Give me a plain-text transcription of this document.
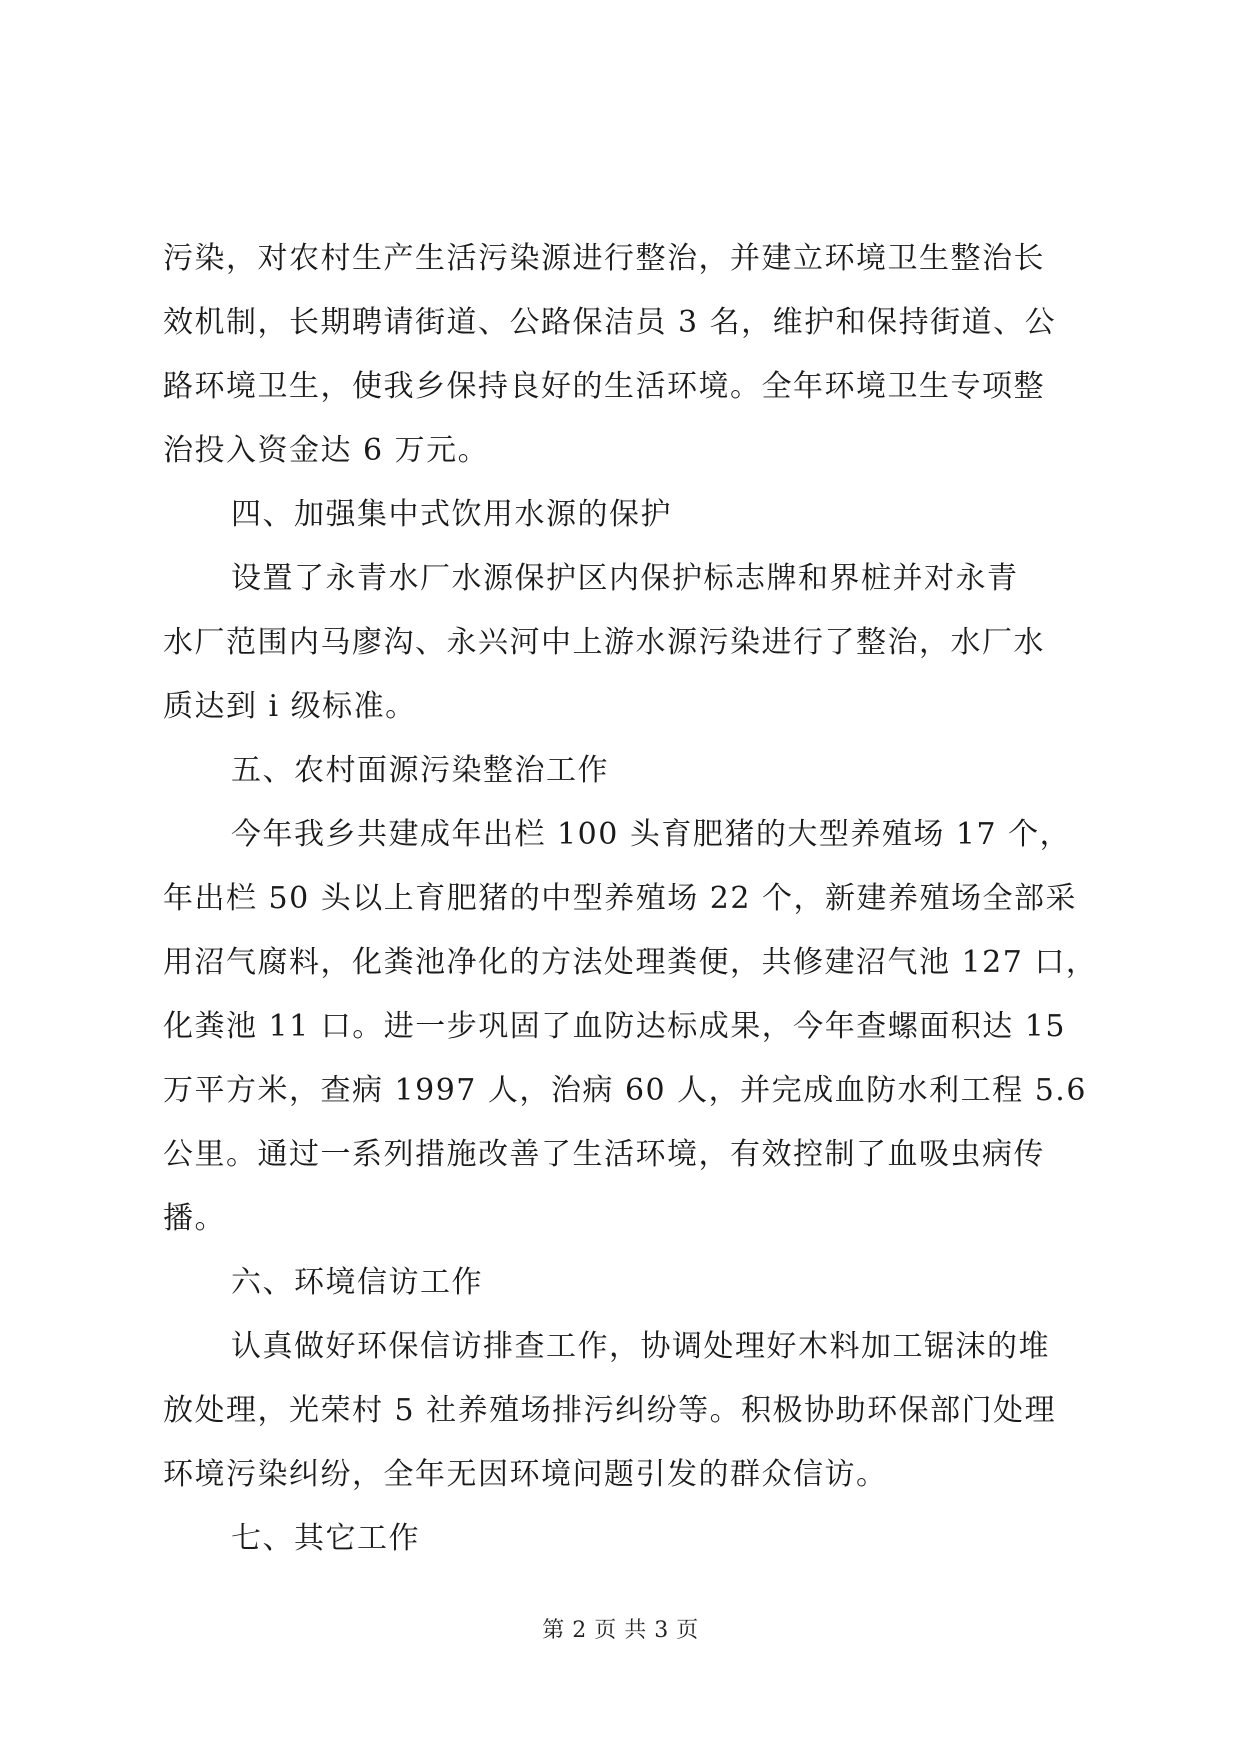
污染，对农村生产生活污染源进行整治，并建立环境卫生整治长
效机制，长期聘请街道、公路保洁员 3 名，维护和保持街道、公
路环境卫生，使我乡保持良好的生活环境。全年环境卫生专项整
治投入资金达 6 万元。
四、加强集中式饮用水源的保护
设置了永青水厂水源保护区内保护标志牌和界桩并对永青
水厂范围内马廖沟、永兴河中上游水源污染进行了整治，水厂水
质达到 i 级标准。
五、农村面源污染整治工作
今年我乡共建成年出栏 100 头育肥猪的大型养殖场 17 个，
年出栏 50 头以上育肥猪的中型养殖场 22 个，新建养殖场全部采
用沼气腐料，化粪池净化的方法处理粪便，共修建沼气池 127 口，
化粪池 11 口。进一步巩固了血防达标成果，今年查螺面积达 15
万平方米，查病 1997 人，治病 60 人，并完成血防水利工程 5.6
公里。通过一系列措施改善了生活环境，有效控制了血吸虫病传
播。
六、环境信访工作
认真做好环保信访排查工作，协调处理好木料加工锯沫的堆
放处理，光荣村 5 社养殖场排污纠纷等。积极协助环保部门处理
环境污染纠纷，全年无因环境问题引发的群众信访。
七、其它工作
第 2 页 共 3 页
